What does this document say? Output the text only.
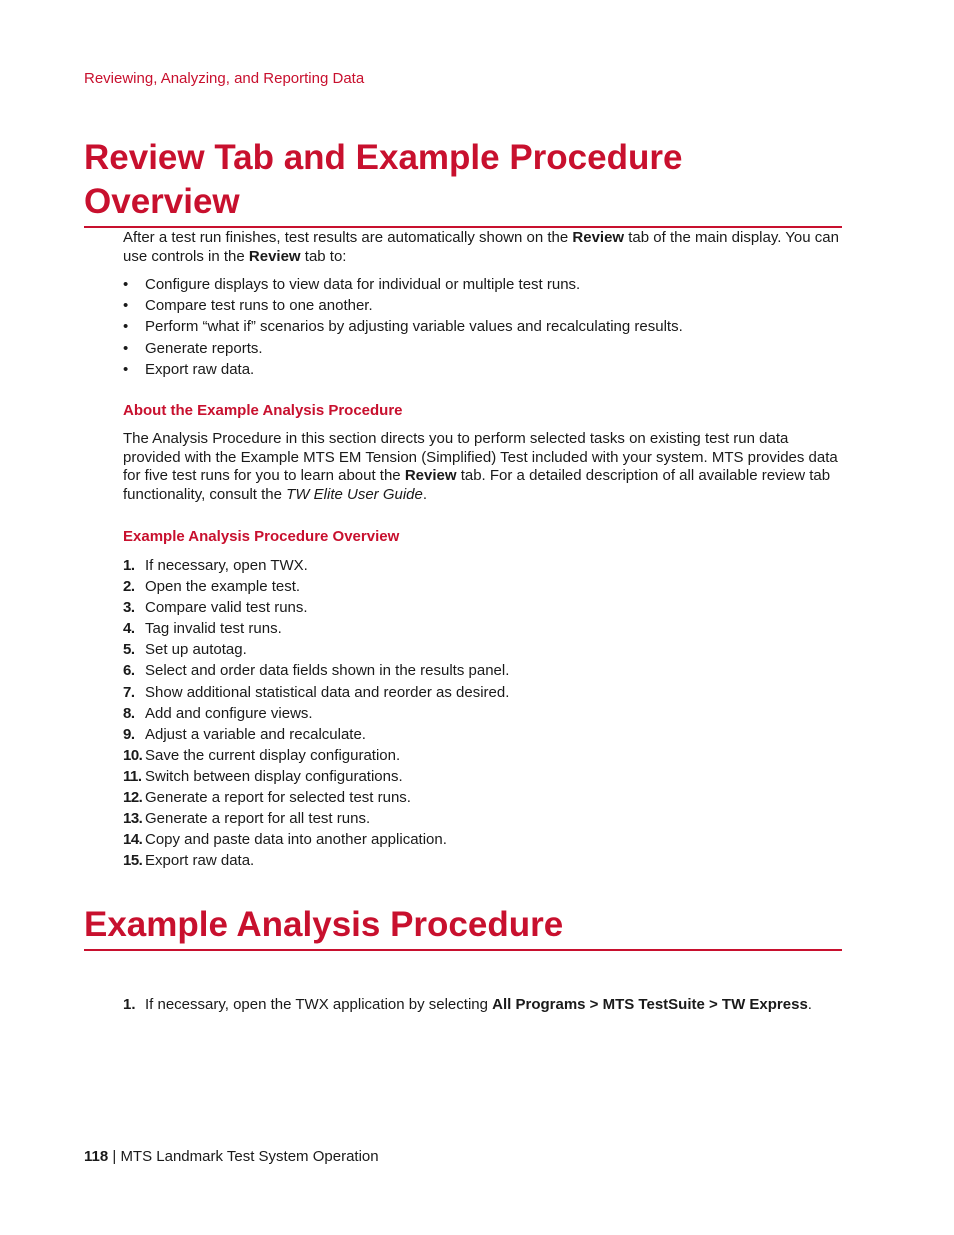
Reviewing, Analyzing, and Reporting Data
Review Tab and Example Procedure Overview

After a test run finishes, test results are automatically shown on the Review tab of the main display. You can use controls in the Review tab to:

• Configure displays to view data for individual or multiple test runs.
• Compare test runs to one another.
• Perform “what if” scenarios by adjusting variable values and recalculating results.
• Generate reports.
• Export raw data.
About the Example Analysis Procedure

The Analysis Procedure in this section directs you to perform selected tasks on existing test run data provided with the Example MTS EM Tension (Simplified) Test included with your system. MTS provides data for five test runs for you to learn about the Review tab. For a detailed description of all available review tab functionality, consult the TW Elite User Guide.

Example Analysis Procedure Overview
1. If necessary, open TWX.
2. Open the example test.
3. Compare valid test runs.
4. Tag invalid test runs.
5. Set up autotag.
6. Select and order data fields shown in the results panel.
7. Show additional statistical data and reorder as desired.
8. Add and configure views.
9. Adjust a variable and recalculate.
10. Save the current display configuration.
11. Switch between display configurations.
12. Generate a report for selected test runs.
13. Generate a report for all test runs.
14. Copy and paste data into another application.
15. Export raw data.
Example Analysis Procedure

1. If necessary, open the TWX application by selecting All Programs > MTS TestSuite > TW Express.

118 | MTS Landmark Test System Operation
